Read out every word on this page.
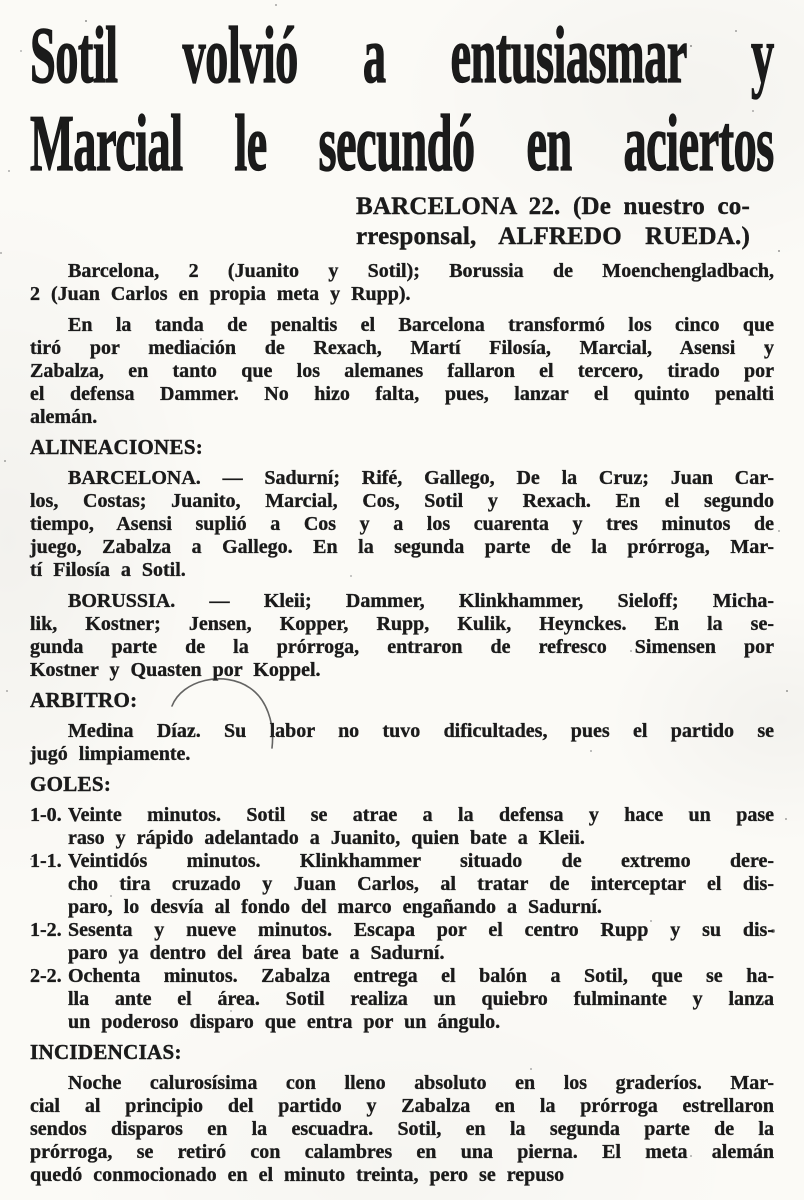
Sotil volvió a entusiasmar y
Marcial le secundó en aciertos
BARCELONA 22. (De nuestro co-
rresponsal, ALFREDO RUEDA.)
Barcelona, 2 (Juanito y Sotil); Borussia de Moenchengladbach,
2 (Juan Carlos en propia meta y Rupp).
En la tanda de penaltis el Barcelona transformó los cinco que
tiró por mediación de Rexach, Martí Filosía, Marcial, Asensi y
Zabalza, en tanto que los alemanes fallaron el tercero, tirado por
el defensa Dammer. No hizo falta, pues, lanzar el quinto penalti
alemán.
ALINEACIONES:
BARCELONA. — Sadurní; Rifé, Gallego, De la Cruz; Juan Car-
los, Costas; Juanito, Marcial, Cos, Sotil y Rexach. En el segundo
tiempo, Asensi suplió a Cos y a los cuarenta y tres minutos de
juego, Zabalza a Gallego. En la segunda parte de la prórroga, Mar-
tí Filosía a Sotil.
BORUSSIA. — Kleii; Dammer, Klinkhammer, Sieloff; Micha-
lik, Kostner; Jensen, Kopper, Rupp, Kulik, Heynckes. En la se-
gunda parte de la prórroga, entraron de refresco Simensen por
Kostner y Quasten por Koppel.
ARBITRO:
Medina Díaz. Su labor no tuvo dificultades, pues el partido se
jugó limpiamente.
GOLES:
1-0. Veinte minutos. Sotil se atrae a la defensa y hace un pase
raso y rápido adelantado a Juanito, quien bate a Kleii.
1-1. Veintidós minutos. Klinkhammer situado de extremo dere-
cho tira cruzado y Juan Carlos, al tratar de interceptar el dis-
paro, lo desvía al fondo del marco engañando a Sadurní.
1-2. Sesenta y nueve minutos. Escapa por el centro Rupp y su dis-
paro ya dentro del área bate a Sadurní.
2-2. Ochenta minutos. Zabalza entrega el balón a Sotil, que se ha-
lla ante el área. Sotil realiza un quiebro fulminante y lanza
un poderoso disparo que entra por un ángulo.
INCIDENCIAS:
Noche calurosísima con lleno absoluto en los graderíos. Mar-
cial al principio del partido y Zabalza en la prórroga estrellaron
sendos disparos en la escuadra. Sotil, en la segunda parte de la
prórroga, se retiró con calambres en una pierna. El meta alemán
quedó conmocionado en el minuto treinta, pero se repuso
